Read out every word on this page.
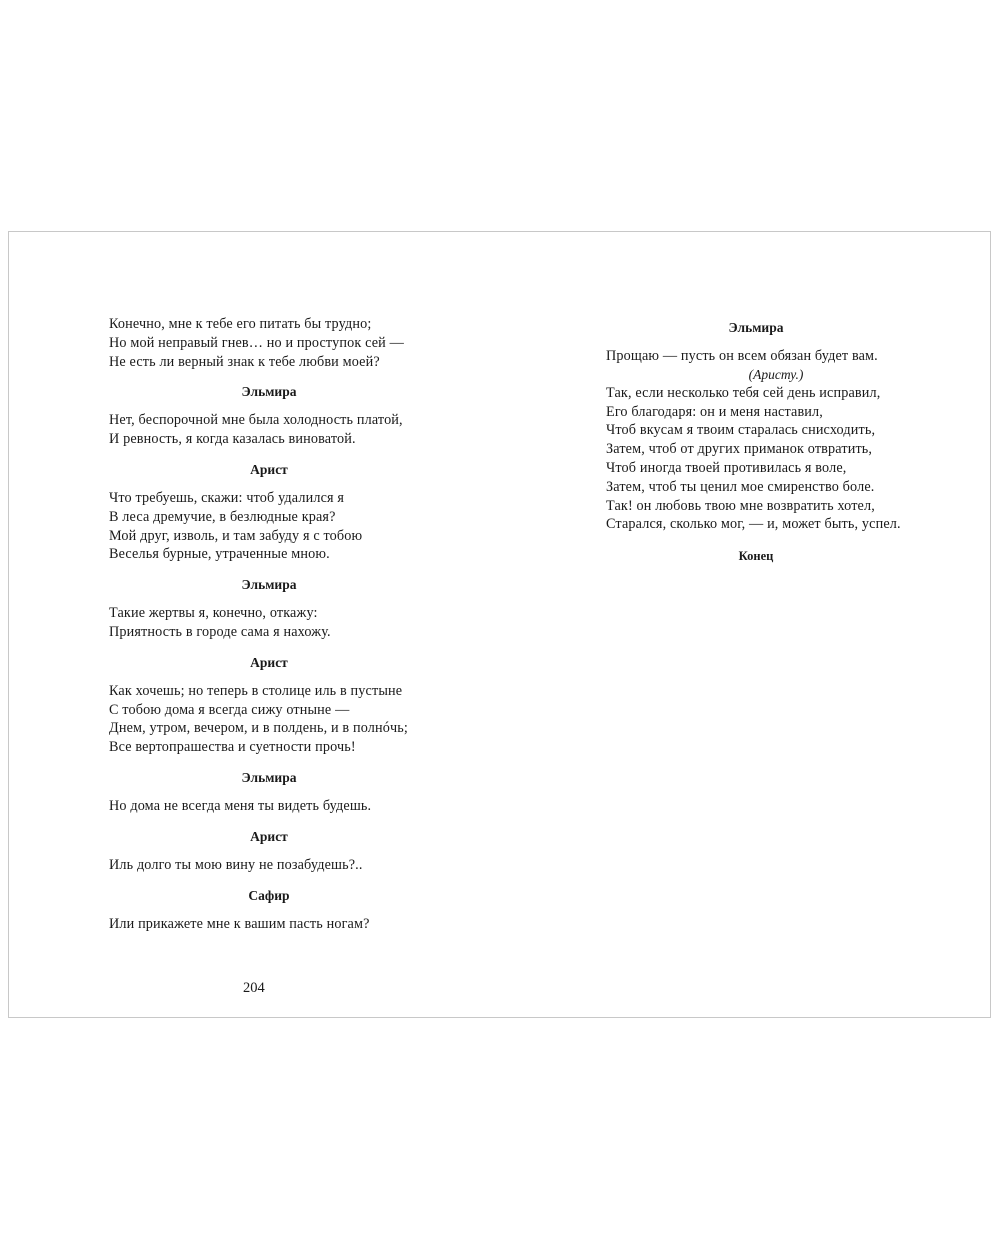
Конечно, мне к тебе его питать бы трудно;
Но мой неправый гнев… но и проступок сей —
Не есть ли верный знак к тебе любви моей?
Эльмира
Нет, беспорочной мне была холодность платой,
И ревность, я когда казалась виноватой.
Арист
Что требуешь, скажи: чтоб удалился я
В леса дремучие, в безлюдные края?
Мой друг, изволь, и там забуду я с тобою
Веселья бурные, утраченные мною.
Эльмира
Такие жертвы я, конечно, откажу:
Приятность в городе сама я нахожу.
Арист
Как хочешь; но теперь в столице иль в пустыне
С тобою дома я всегда сижу отныне —
Днем, утром, вечером, и в полдень, и в полнóчь;
Все вертопрашества и суетности прочь!
Эльмира
Но дома не всегда меня ты видеть будешь.
Арист
Иль долго ты мою вину не позабудешь?..
Сафир
Или прикажете мне к вашим пасть ногам?
204
Эльмира
Прощаю — пусть он всем обязан будет вам.
(Аристу.)
Так, если несколько тебя сей день исправил,
Его благодаря: он и меня наставил,
Чтоб вкусам я твоим старалась снисходить,
Затем, чтоб от других приманок отвратить,
Чтоб иногда твоей противилась я воле,
Затем, чтоб ты ценил мое смиренство боле.
Так! он любовь твою мне возвратить хотел,
Старался, сколько мог, — и, может быть, успел.
Конец
